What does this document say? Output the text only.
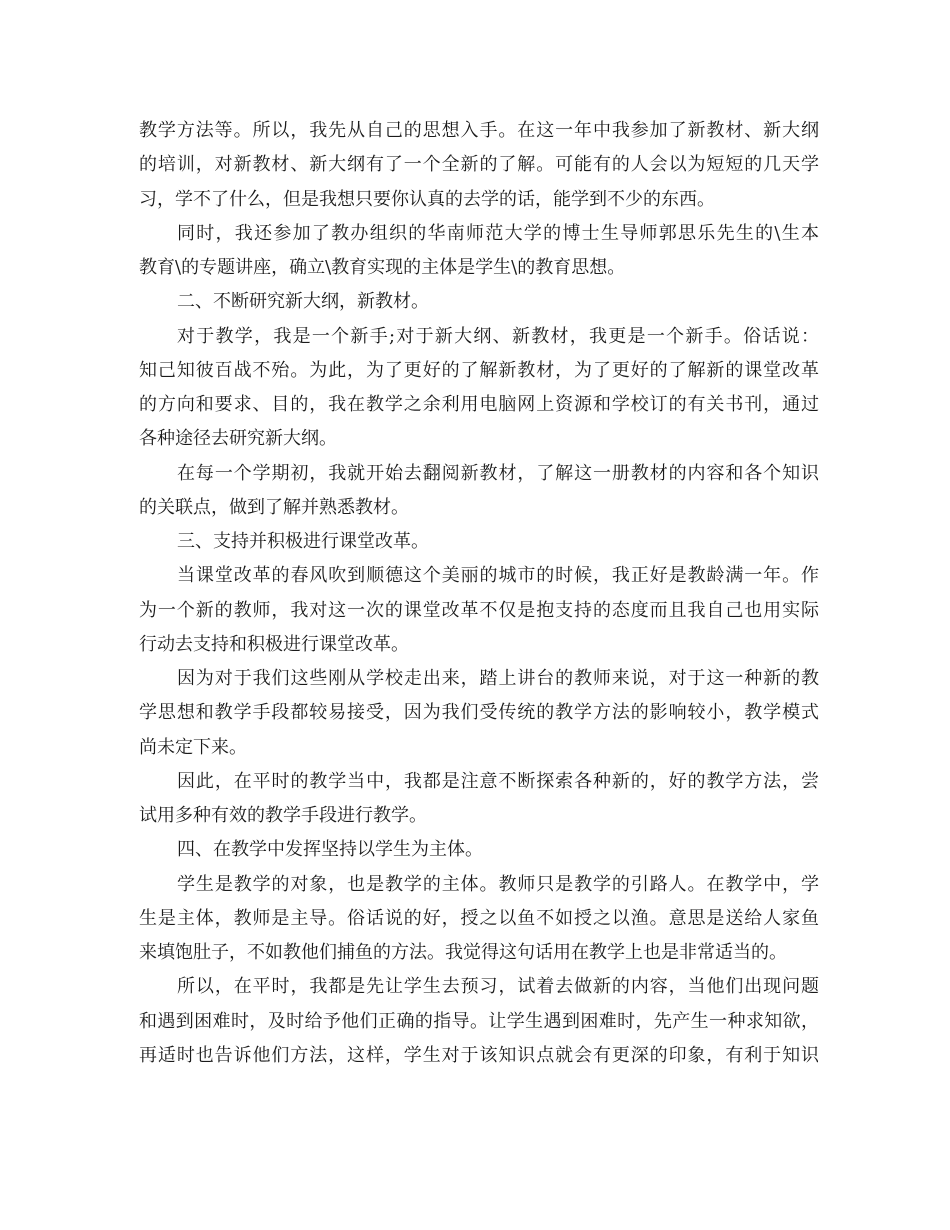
教学方法等。所以，我先从自己的思想入手。在这一年中我参加了新教材、新大纲
的培训，对新教材、新大纲有了一个全新的了解。可能有的人会以为短短的几天学
习，学不了什么，但是我想只要你认真的去学的话，能学到不少的东西。
同时，我还参加了教办组织的华南师范大学的博士生导师郭思乐先生的\生本
教育\的专题讲座，确立\教育实现的主体是学生\的教育思想。
二、不断研究新大纲，新教材。
对于教学，我是一个新手;对于新大纲、新教材，我更是一个新手。俗话说：
知己知彼百战不殆。为此，为了更好的了解新教材，为了更好的了解新的课堂改革
的方向和要求、目的，我在教学之余利用电脑网上资源和学校订的有关书刊，通过
各种途径去研究新大纲。
在每一个学期初，我就开始去翻阅新教材，了解这一册教材的内容和各个知识
的关联点，做到了解并熟悉教材。
三、支持并积极进行课堂改革。
当课堂改革的春风吹到顺德这个美丽的城市的时候，我正好是教龄满一年。作
为一个新的教师，我对这一次的课堂改革不仅是抱支持的态度而且我自己也用实际
行动去支持和积极进行课堂改革。
因为对于我们这些刚从学校走出来，踏上讲台的教师来说，对于这一种新的教
学思想和教学手段都较易接受，因为我们受传统的教学方法的影响较小，教学模式
尚未定下来。
因此，在平时的教学当中，我都是注意不断探索各种新的，好的教学方法，尝
试用多种有效的教学手段进行教学。
四、在教学中发挥坚持以学生为主体。
学生是教学的对象，也是教学的主体。教师只是教学的引路人。在教学中，学
生是主体，教师是主导。俗话说的好，授之以鱼不如授之以渔。意思是送给人家鱼
来填饱肚子，不如教他们捕鱼的方法。我觉得这句话用在教学上也是非常适当的。
所以，在平时，我都是先让学生去预习，试着去做新的内容，当他们出现问题
和遇到困难时，及时给予他们正确的指导。让学生遇到困难时，先产生一种求知欲，
再适时也告诉他们方法，这样，学生对于该知识点就会有更深的印象，有利于知识
